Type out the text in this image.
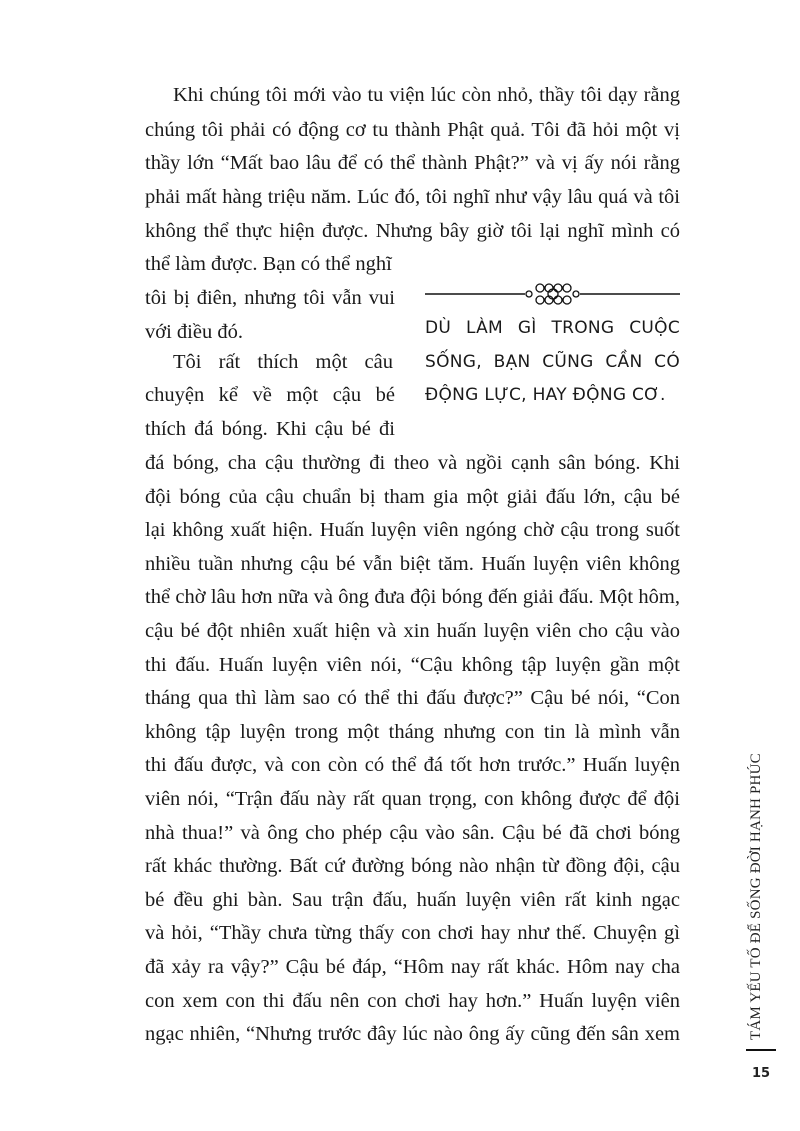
Khi chúng tôi mới vào tu viện lúc còn nhỏ, thầy tôi dạy rằng
chúng tôi phải có động cơ tu thành Phật quả. Tôi đã hỏi một vị
thầy lớn “Mất bao lâu để có thể thành Phật?” và vị ấy nói rằng
phải mất hàng triệu năm. Lúc đó, tôi nghĩ như vậy lâu quá và tôi
không thể thực hiện được. Nhưng bây giờ tôi lại nghĩ mình có
thể làm được. Bạn có thể nghĩ
tôi bị điên, nhưng tôi vẫn vui
với điều đó.
Tôi rất thích một câu
chuyện kể về một cậu bé
thích đá bóng. Khi cậu bé đi
đá bóng, cha cậu thường đi theo và ngồi cạnh sân bóng. Khi
đội bóng của cậu chuẩn bị tham gia một giải đấu lớn, cậu bé
lại không xuất hiện. Huấn luyện viên ngóng chờ cậu trong suốt
nhiều tuần nhưng cậu bé vẫn biệt tăm. Huấn luyện viên không
thể chờ lâu hơn nữa và ông đưa đội bóng đến giải đấu. Một hôm,
cậu bé đột nhiên xuất hiện và xin huấn luyện viên cho cậu vào
thi đấu. Huấn luyện viên nói, “Cậu không tập luyện gần một
tháng qua thì làm sao có thể thi đấu được?” Cậu bé nói, “Con
không tập luyện trong một tháng nhưng con tin là mình vẫn
thi đấu được, và con còn có thể đá tốt hơn trước.” Huấn luyện
viên nói, “Trận đấu này rất quan trọng, con không được để đội
nhà thua!” và ông cho phép cậu vào sân. Cậu bé đã chơi bóng
rất khác thường. Bất cứ đường bóng nào nhận từ đồng đội, cậu
bé đều ghi bàn. Sau trận đấu, huấn luyện viên rất kinh ngạc
và hỏi, “Thầy chưa từng thấy con chơi hay như thế. Chuyện gì
đã xảy ra vậy?” Cậu bé đáp, “Hôm nay rất khác. Hôm nay cha
con xem con thi đấu nên con chơi hay hơn.” Huấn luyện viên
ngạc nhiên, “Nhưng trước đây lúc nào ông ấy cũng đến sân xem
DÙ LÀM GÌ TRONG CUỘC
SỐNG, BẠN CŨNG CẦN CÓ
ĐỘNG LỰC, HAY ĐỘNG CƠ.
TÁM YẾU TỐ ĐỂ SỐNG ĐỜI HẠNH PHÚC
15
